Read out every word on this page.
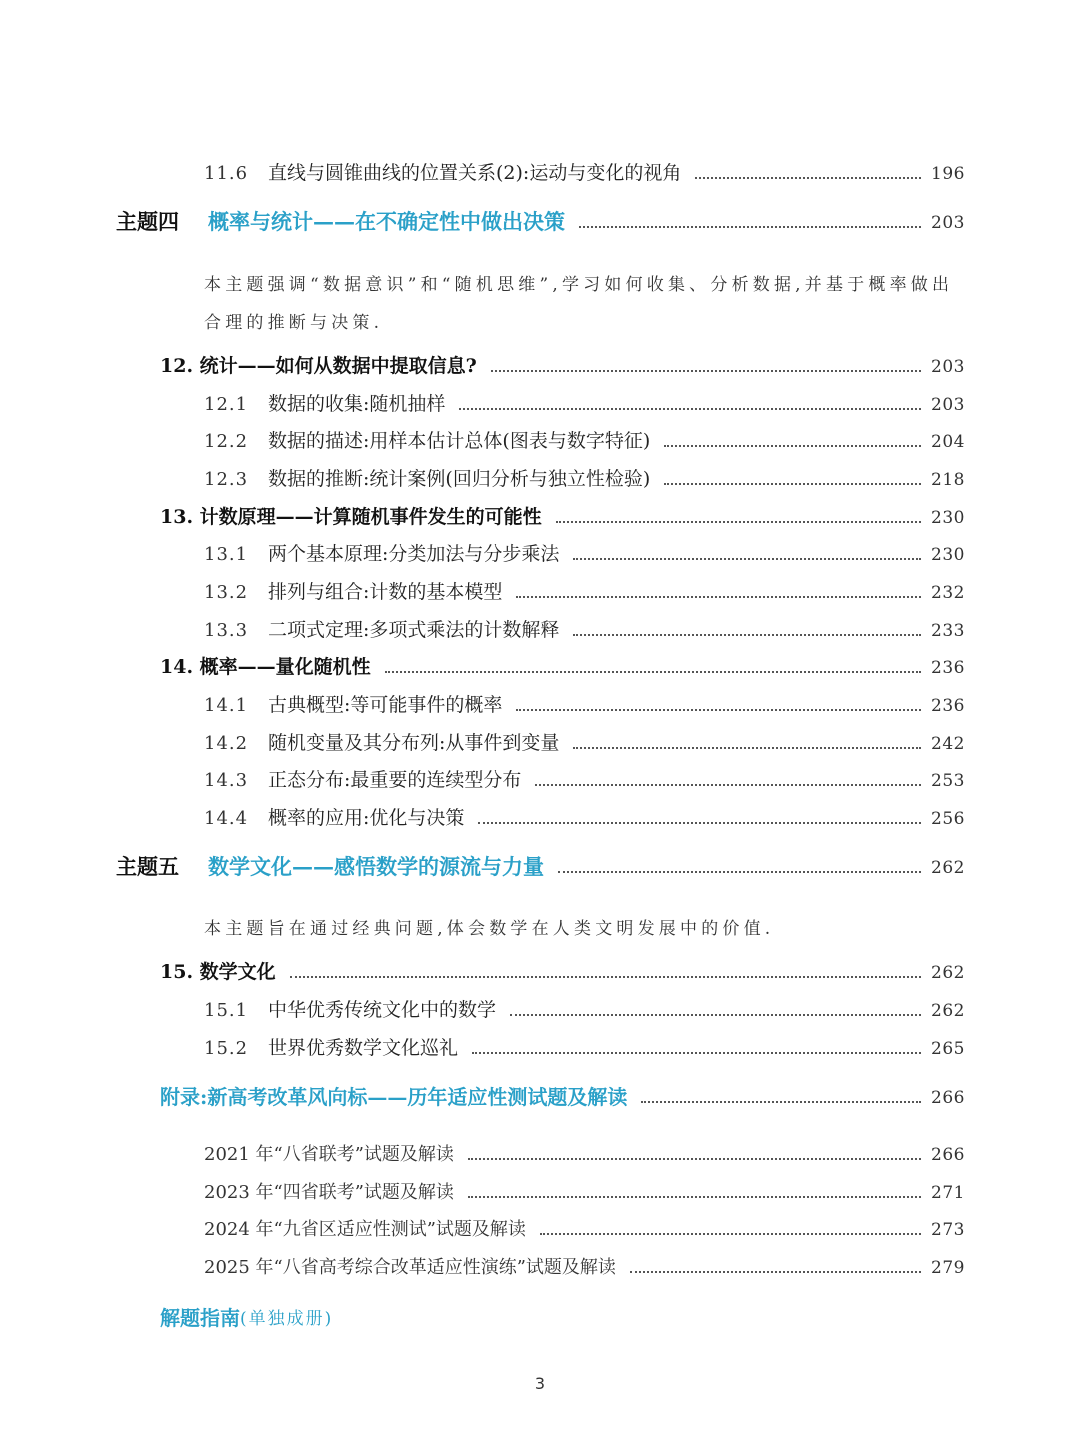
11.6	直线与圆锥曲线的位置关系(2):运动与变化的视角	196
主题四	概率与统计——在不确定性中做出决策	203
本主题强调“数据意识”和“随机思维”,学习如何收集、分析数据,并基于概率做出合理的推断与决策.
12. 统计——如何从数据中提取信息?	203
12.1	数据的收集:随机抽样	203
12.2	数据的描述:用样本估计总体(图表与数字特征)	204
12.3	数据的推断:统计案例(回归分析与独立性检验)	218
13. 计数原理——计算随机事件发生的可能性	230
13.1	两个基本原理:分类加法与分步乘法	230
13.2	排列与组合:计数的基本模型	232
13.3	二项式定理:多项式乘法的计数解释	233
14. 概率——量化随机性	236
14.1	古典概型:等可能事件的概率	236
14.2	随机变量及其分布列:从事件到变量	242
14.3	正态分布:最重要的连续型分布	253
14.4	概率的应用:优化与决策	256
主题五	数学文化——感悟数学的源流与力量	262
本主题旨在通过经典问题,体会数学在人类文明发展中的价值.
15. 数学文化	262
15.1	中华优秀传统文化中的数学	262
15.2	世界优秀数学文化巡礼	265
附录:新高考改革风向标——历年适应性测试题及解读	266
2021 年“八省联考”试题及解读	266
2023 年“四省联考”试题及解读	271
2024 年“九省区适应性测试”试题及解读	273
2025 年“八省高考综合改革适应性演练”试题及解读	279
解题指南 (单独成册)
3
